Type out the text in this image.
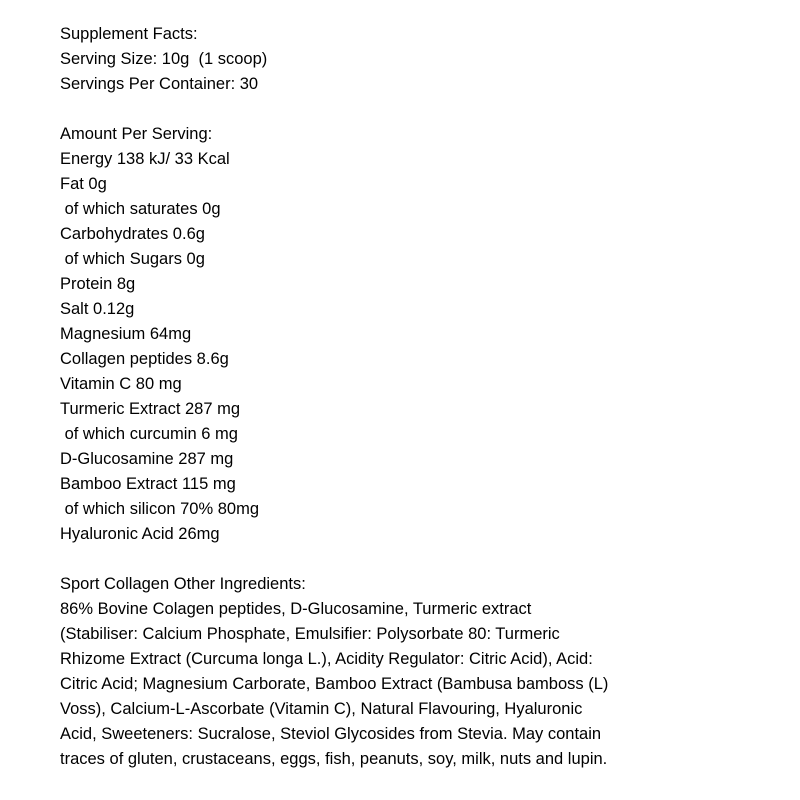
Supplement Facts:
Serving Size: 10g  (1 scoop)
Servings Per Container: 30
Amount Per Serving:
Energy 138 kJ/ 33 Kcal
Fat 0g
of which saturates 0g
Carbohydrates 0.6g
of which Sugars 0g
Protein 8g
Salt 0.12g
Magnesium 64mg
Collagen peptides 8.6g
Vitamin C 80 mg
Turmeric Extract 287 mg
of which curcumin 6 mg
D-Glucosamine 287 mg
Bamboo Extract 115 mg
of which silicon 70% 80mg
Hyaluronic Acid 26mg
Sport Collagen Other Ingredients:
86% Bovine Colagen peptides, D-Glucosamine, Turmeric extract
(Stabiliser: Calcium Phosphate, Emulsifier: Polysorbate 80: Turmeric
Rhizome Extract (Curcuma longa L.), Acidity Regulator: Citric Acid), Acid:
Citric Acid; Magnesium Carborate, Bamboo Extract (Bambusa bamboss (L)
Voss), Calcium-L-Ascorbate (Vitamin C), Natural Flavouring, Hyaluronic
Acid, Sweeteners: Sucralose, Steviol Glycosides from Stevia. May contain
traces of gluten, crustaceans, eggs, fish, peanuts, soy, milk, nuts and lupin.
